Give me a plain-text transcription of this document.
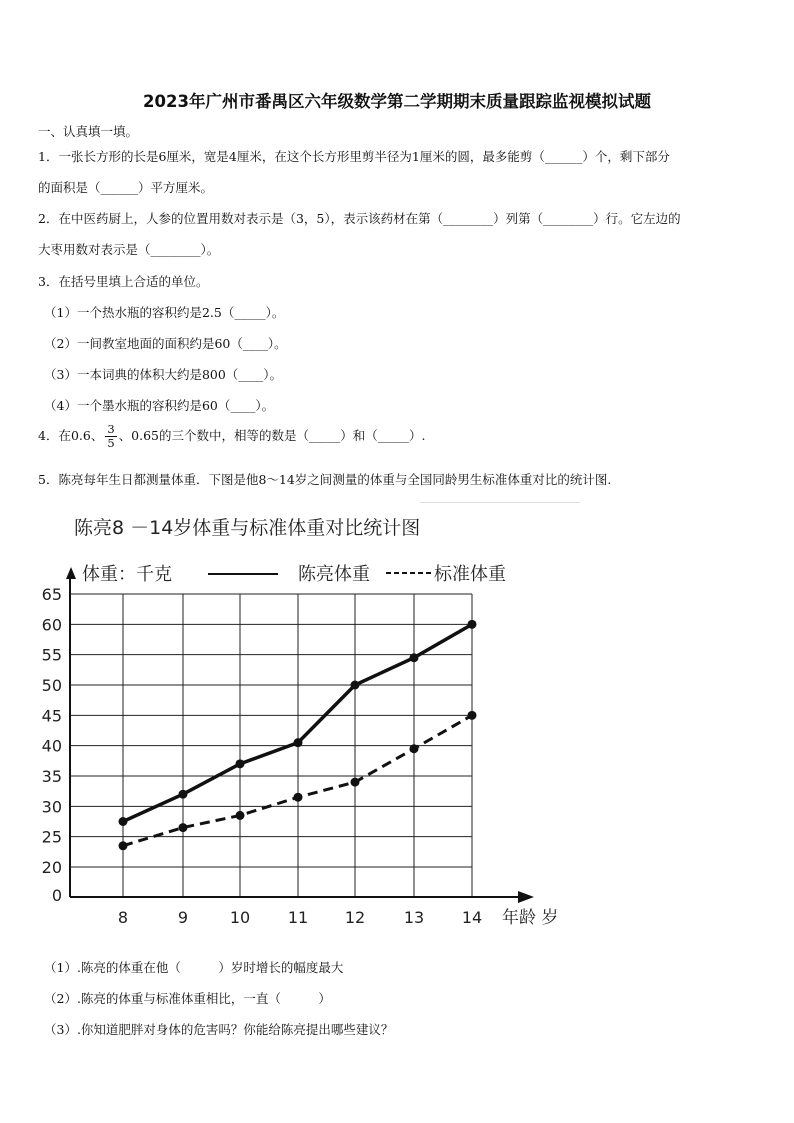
2023年广州市番禺区六年级数学第二学期期末质量跟踪监视模拟试题
一、认真填一填。
1．一张长方形的长是6厘米，宽是4厘米，在这个长方形里剪半径为1厘米的圆，最多能剪（______）个，剩下部分
的面积是（______）平方厘米。
2．在中医药厨上，人参的位置用数对表示是（3，5），表示该药材在第（________）列第（________）行。它左边的
大枣用数对表示是（________）。
3．在括号里填上合适的单位。
（1）一个热水瓶的容积约是2.5（_____）。
（2）一间教室地面的面积约是60（____）。
（3）一本词典的体积大约是800（____）。
（4）一个墨水瓶的容积约是60（____）。
4．在0.6、 $\frac{3}{5}$ 、0.65的三个数中，相等的数是（_____）和（_____）.
5．陈亮每年生日都测量体重．下图是他8～14岁之间测量的体重与全国同龄男生标准体重对比的统计图.
陈亮8 －14岁体重与标准体重对比统计图
体重：千克	陈亮体重	标准体重
0
20
25
30
35
40
45
50
55
60
65
8	9	10 11 12 13 14 年龄 岁
（1）.陈亮的体重在他（　　　）岁时增长的幅度最大
（2）.陈亮的体重与标准体重相比，一直（　　　）
（3）.你知道肥胖对身体的危害吗？你能给陈亮提出哪些建议？
